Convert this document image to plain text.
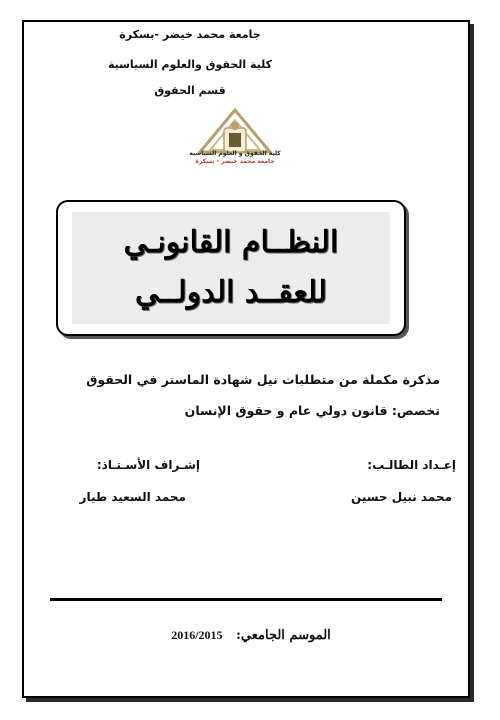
جامعة محمد خيضر -بسكرة
كلية الحقوق والعلوم السياسية
قسم الحقوق
كلية الحقوق و العلوم السياسية
جامعة محمد خيضر - بسكرة
النظــام القانونـي
للعقــد الدولــي
مذكرة مكملة من متطلبات نيل شهادة الماستر في الحقوق
تخصص: قانون دولي عام و حقوق الإنسان
إعـداد الطالـب:
إشـراف الأسـتـاذ:
محمد نبيل حسين
محمد السعيد طيار
الموسم الجامعي: 2016/2015
